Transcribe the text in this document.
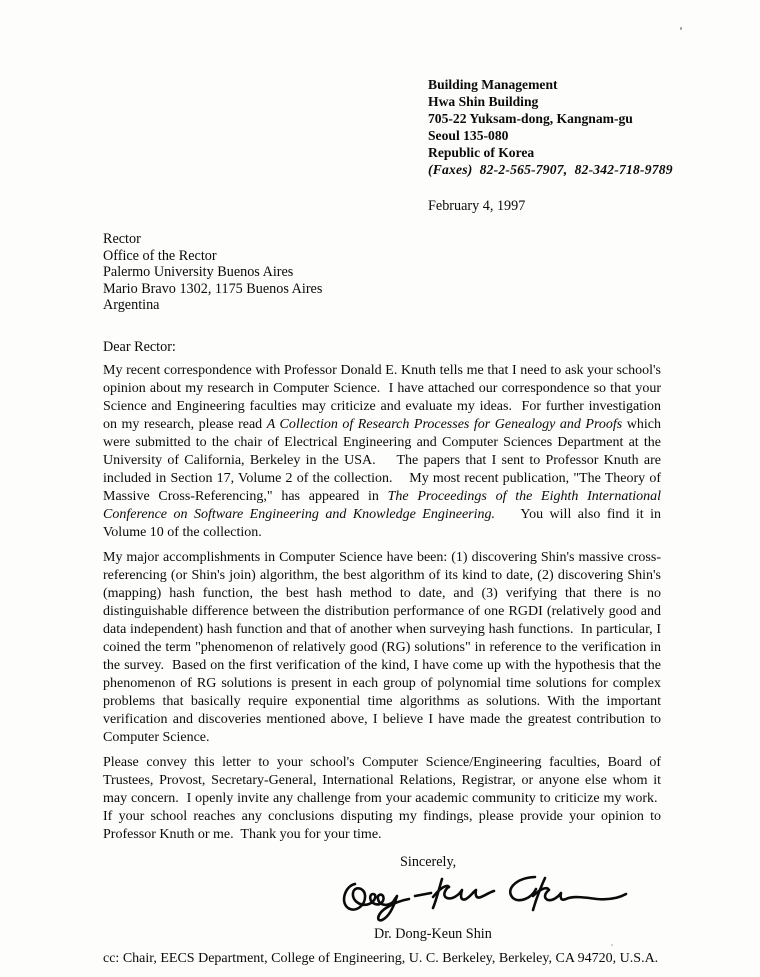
Building Management
Hwa Shin Building
705-22 Yuksam-dong, Kangnam-gu
Seoul 135-080
Republic of Korea
(Faxes)  82-2-565-7907,  82-342-718-9789
February 4, 1997
Rector
Office of the Rector
Palermo University Buenos Aires
Mario Bravo 1302, 1175 Buenos Aires
Argentina
Dear Rector:

My recent correspondence with Professor Donald E. Knuth tells me that I need to ask your school's opinion about my research in Computer Science.  I have attached our correspondence so that your Science and Engineering faculties may criticize and evaluate my ideas.  For further investigation on my research, please read A Collection of Research Processes for Genealogy and Proofs which were submitted to the chair of Electrical Engineering and Computer Sciences Department at the University of California, Berkeley in the USA.    The papers that I sent to Professor Knuth are included in Section 17, Volume 2 of the collection.    My most recent publication, "The Theory of Massive Cross-Referencing," has appeared in The Proceedings of the Eighth International Conference on Software Engineering and Knowledge Engineering.    You will also find it in Volume 10 of the collection.

My major accomplishments in Computer Science have been: (1) discovering Shin's massive cross-referencing (or Shin's join) algorithm, the best algorithm of its kind to date, (2) discovering Shin's (mapping) hash function, the best hash method to date, and (3) verifying that there is no distinguishable difference between the distribution performance of one RGDI (relatively good and data independent) hash function and that of another when surveying hash functions.  In particular, I coined the term "phenomenon of relatively good (RG) solutions" in reference to the verification in the survey.  Based on the first verification of the kind, I have come up with the hypothesis that the phenomenon of RG solutions is present in each group of polynomial time solutions for complex problems that basically require exponential time algorithms as solutions. With the important verification and discoveries mentioned above, I believe I have made the greatest contribution to Computer Science.

Please convey this letter to your school's Computer Science/Engineering faculties, Board of Trustees, Provost, Secretary-General, International Relations, Registrar, or anyone else whom it may concern.  I openly invite any challenge from your academic community to criticize my work.  If your school reaches any conclusions disputing my findings, please provide your opinion to Professor Knuth or me.  Thank you for your time.

Sincerely,
Dr. Dong-Keun Shin
cc: Chair, EECS Department, College of Engineering, U. C. Berkeley, Berkeley, CA 94720, U.S.A.
